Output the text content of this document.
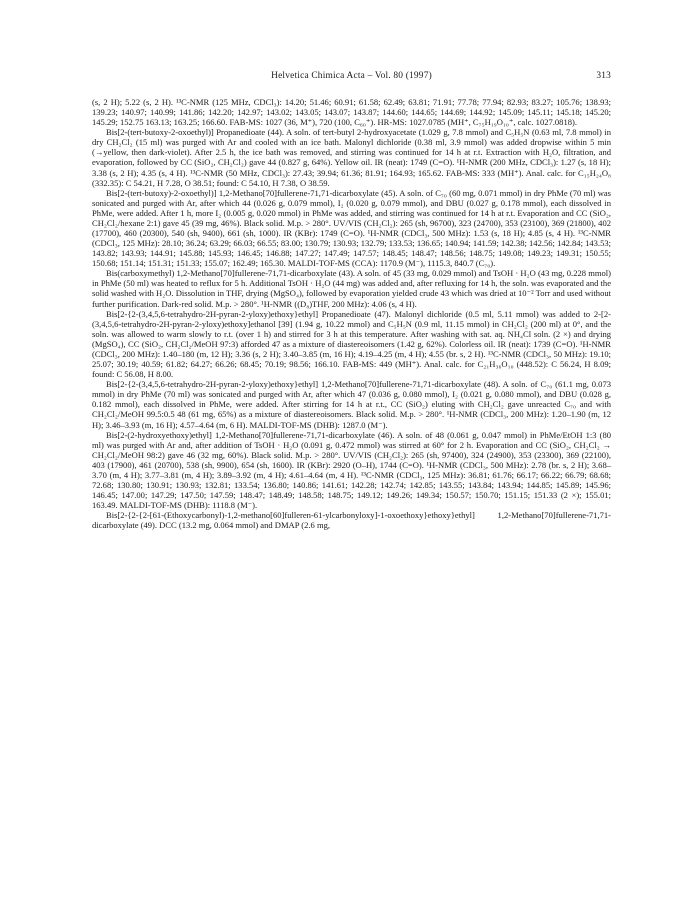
Helvetica Chimica Acta – Vol. 80 (1997)	313

(s, 2 H); 5.22 (s, 2 H). ¹³C-NMR (125 MHz, CDCl₃): 14.20; 51.46; 60.91; 61.58; 62.49; 63.81; 71.91; 77.78; 77.94; 82.93; 83.27; 105.76; 138.93; 139.23; 140.97; 140.99; 141.86; 142.20; 142.97; 143.02; 143.05; 143.07; 143.87; 144.60; 144.65; 144.69; 144.92; 145.09; 145.11; 145.18; 145.20; 145.29; 152.75 163.13; 163.25; 166.60. FAB-MS: 1027 (36, M⁺), 720 (100, C₆₀⁺). HR-MS: 1027.0785 (MH⁺, C₇₅H₁₉O₁₀⁺, calc. 1027.0818).

Bis[2-(tert-butoxy-2-oxoethyl)] Propanedioate (44). A soln. of tert-butyl 2-hydroxyacetate (1.029 g, 7.8 mmol) and C₅H₅N (0.63 ml, 7.8 mmol) in dry CH₂Cl₂ (15 ml) was purged with Ar and cooled with an ice bath. Malonyl dichloride (0.38 ml, 3.9 mmol) was added dropwise within 5 min (→yellow, then dark-violet). After 2.5 h, the ice bath was removed, and stirring was continued for 14 h at r.t. Extraction with H₂O, filtration, and evaporation, followed by CC (SiO₂, CH₂Cl₂) gave 44 (0.827 g, 64%). Yellow oil. IR (neat): 1749 (C=O). ¹H-NMR (200 MHz, CDCl₃): 1.27 (s, 18 H); 3.38 (s, 2 H); 4.35 (s, 4 H). ¹³C-NMR (50 MHz, CDCl₃): 27.43; 39.94; 61.36; 81.91; 164.93; 165.62. FAB-MS: 333 (MH⁺). Anal. calc. for C₁₅H₂₄O₈ (332.35): C 54.21, H 7.28, O 38.51; found: C 54.10, H 7.38, O 38.59.

Bis[2-(tert-butoxy)-2-oxoethyl)] 1,2-Methano[70]fullerene-71,71-dicarboxylate (45). A soln. of C₇₀ (60 mg, 0.071 mmol) in dry PhMe (70 ml) was sonicated and purged with Ar, after which 44 (0.026 g, 0.079 mmol), I₂ (0.020 g, 0.079 mmol), and DBU (0.027 g, 0.178 mmol), each dissolved in PhMe, were added. After 1 h, more I₂ (0.005 g, 0.020 mmol) in PhMe was added, and stirring was continued for 14 h at r.t. Evaporation and CC (SiO₂, CH₂Cl₂/hexane 2:1) gave 45 (39 mg, 46%). Black solid. M.p. > 280°. UV/VIS (CH₂Cl₂): 265 (sh, 96700), 323 (24700), 353 (23100), 369 (21800), 402 (17700), 460 (20300), 540 (sh, 9400), 661 (sh, 1000). IR (KBr): 1749 (C=O). ¹H-NMR (CDCl₃, 500 MHz): 1.53 (s, 18 H); 4.85 (s, 4 H). ¹³C-NMR (CDCl₃, 125 MHz): 28.10; 36.24; 63.29; 66.03; 66.55; 83.00; 130.79; 130.93; 132.79; 133.53; 136.65; 140.94; 141.59; 142.38; 142.56; 142.84; 143.53; 143.82; 143.93; 144.91; 145.88; 145.93; 146.45; 146.88; 147.27; 147.49; 147.57; 148.45; 148.47; 148.56; 148.75; 149.08; 149.23; 149.31; 150.55; 150.68; 151.14; 151.31; 151.33; 155.07; 162.49; 165.30. MALDI-TOF-MS (CCA): 1170.9 (M⁻), 1115.3, 840.7 (C₇₀).

Bis(carboxymethyl) 1,2-Methano[70]fullerene-71,71-dicarboxylate (43). A soln. of 45 (33 mg, 0.029 mmol) and TsOH · H₂O (43 mg, 0.228 mmol) in PhMe (50 ml) was heated to reflux for 5 h. Additional TsOH · H₂O (44 mg) was added and, after refluxing for 14 h, the soln. was evaporated and the solid washed with H₂O. Dissolution in THF, drying (MgSO₄), followed by evaporation yielded crude 43 which was dried at 10⁻² Torr and used without further purification. Dark-red solid. M.p. > 280°. ¹H-NMR ((D₈)THF, 200 MHz): 4.06 (s, 4 H).

Bis[2-{2-(3,4,5,6-tetrahydro-2H-pyran-2-yloxy)ethoxy}ethyl] Propanedioate (47). Malonyl dichloride (0.5 ml, 5.11 mmol) was added to 2-[2-(3,4,5,6-tetrahydro-2H-pyran-2-yloxy)ethoxy]ethanol [39] (1.94 g, 10.22 mmol) and C₅H₅N (0.9 ml, 11.15 mmol) in CH₂Cl₂ (200 ml) at 0°, and the soln. was allowed to warm slowly to r.t. (over 1 h) and stirred for 3 h at this temperature. After washing with sat. aq. NH₄Cl soln. (2 ×) and drying (MgSO₄), CC (SiO₂, CH₂Cl₂/MeOH 97:3) afforded 47 as a mixture of diastereoisomers (1.42 g, 62%). Colorless oil. IR (neat): 1739 (C=O). ¹H-NMR (CDCl₃, 200 MHz): 1.40–180 (m, 12 H); 3.36 (s, 2 H); 3.40–3.85 (m, 16 H); 4.19–4.25 (m, 4 H); 4.55 (br. s, 2 H). ¹³C-NMR (CDCl₃, 50 MHz): 19.10; 25.07; 30.19; 40.59; 61.82; 64.27; 66.26; 68.45; 70.19; 98.56; 166.10. FAB-MS: 449 (MH⁺). Anal. calc. for C₂₁H₃₆O₁₀ (448.52): C 56.24, H 8.09; found: C 56.08, H 8.00.

Bis[2-{2-(3,4,5,6-tetrahydro-2H-pyran-2-yloxy)ethoxy}ethyl] 1,2-Methano[70]fullerene-71,71-dicarboxylate (48). A soln. of C₇₀ (61.1 mg, 0.073 mmol) in dry PhMe (70 ml) was sonicated and purged with Ar, after which 47 (0.036 g, 0.080 mmol), I₂ (0.021 g, 0.080 mmol), and DBU (0.028 g, 0.182 mmol), each dissolved in PhMe, were added. After stirring for 14 h at r.t., CC (SiO₂) eluting with CH₂Cl₂ gave unreacted C₇₀ and with CH₂Cl₂/MeOH 99.5:0.5 48 (61 mg, 65%) as a mixture of diastereoisomers. Black solid. M.p. > 280°. ¹H-NMR (CDCl₃, 200 MHz): 1.20–1.90 (m, 12 H); 3.46–3.93 (m, 16 H); 4.57–4.64 (m, 6 H). MALDI-TOF-MS (DHB): 1287.0 (M⁻).

Bis[2-(2-hydroxyethoxy)ethyl] 1,2-Methano[70]fullerene-71,71-dicarboxylate (46). A soln. of 48 (0.061 g, 0.047 mmol) in PhMe/EtOH 1:3 (80 ml) was purged with Ar and, after addition of TsOH · H₂O (0.091 g, 0.472 mmol) was stirred at 60° for 2 h. Evaporation and CC (SiO₂, CH₂Cl₂ → CH₂Cl₂/MeOH 98:2) gave 46 (32 mg, 60%). Black solid. M.p. > 280°. UV/VIS (CH₂Cl₂): 265 (sh, 97400), 324 (24900), 353 (23300), 369 (22100), 403 (17900), 461 (20700), 538 (sh, 9900), 654 (sh, 1600). IR (KBr): 2920 (O–H), 1744 (C=O). ¹H-NMR (CDCl₃, 500 MHz): 2.78 (br. s, 2 H); 3.68–3.70 (m, 4 H); 3.77–3.81 (m, 4 H); 3.89–3.92 (m, 4 H); 4.61–4.64 (m, 4 H). ¹³C-NMR (CDCl₃, 125 MHz): 36.81; 61.76; 66.17; 66.22; 66.79; 68.68; 72.68; 130.80; 130.91; 130.93; 132.81; 133.54; 136.80; 140.86; 141.61; 142.28; 142.74; 142.85; 143.55; 143.84; 143.94; 144.85; 145.89; 145.96; 146.45; 147.00; 147.29; 147.50; 147.59; 148.47; 148.49; 148.58; 148.75; 149.12; 149.26; 149.34; 150.57; 150.70; 151.15; 151.33 (2 ×); 155.01; 163.49. MALDI-TOF-MS (DHB): 1118.8 (M⁻).

Bis[2-{2-{2-[61-(Ethoxycarbonyl)-1,2-methano[60]fulleren-61-ylcarbonyloxy]-1-oxoethoxy}ethoxy}ethyl] 1,2-Methano[70]fullerene-71,71-dicarboxylate (49). DCC (13.2 mg, 0.064 mmol) and DMAP (2.6 mg,
